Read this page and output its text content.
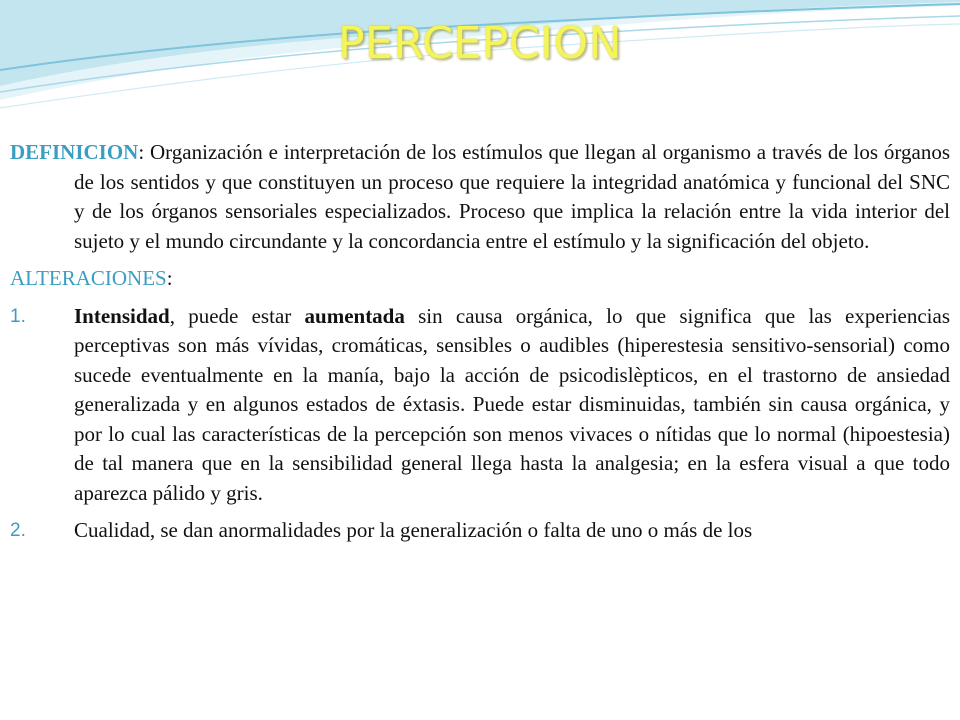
PERCEPCION

DEFINICION: Organización e interpretación de los estímulos que llegan al organismo a través de los órganos de los sentidos y que constituyen un proceso que requiere la integridad anatómica y funcional del SNC y de los órganos sensoriales especializados. Proceso que implica la relación entre la vida interior del sujeto y el mundo circundante y la concordancia entre el estímulo y la significación del objeto.

ALTERACIONES:

1. Intensidad, puede estar aumentada sin causa orgánica, lo que significa que las experiencias perceptivas son más vívidas, cromáticas, sensibles o audibles (hiperestesia sensitivo-sensorial) como sucede eventualmente en la manía, bajo la acción de psicodislèpticos, en el trastorno de ansiedad generalizada y en algunos estados de éxtasis. Puede estar disminuidas, también sin causa orgánica, y por lo cual las características de la percepción son menos vivaces o nítidas que lo normal (hipoestesia) de tal manera que en la sensibilidad general llega hasta la analgesia; en la esfera visual a que todo aparezca pálido y gris.
2. Cualidad, se dan anormalidades por la generalización o falta de uno o más de los
